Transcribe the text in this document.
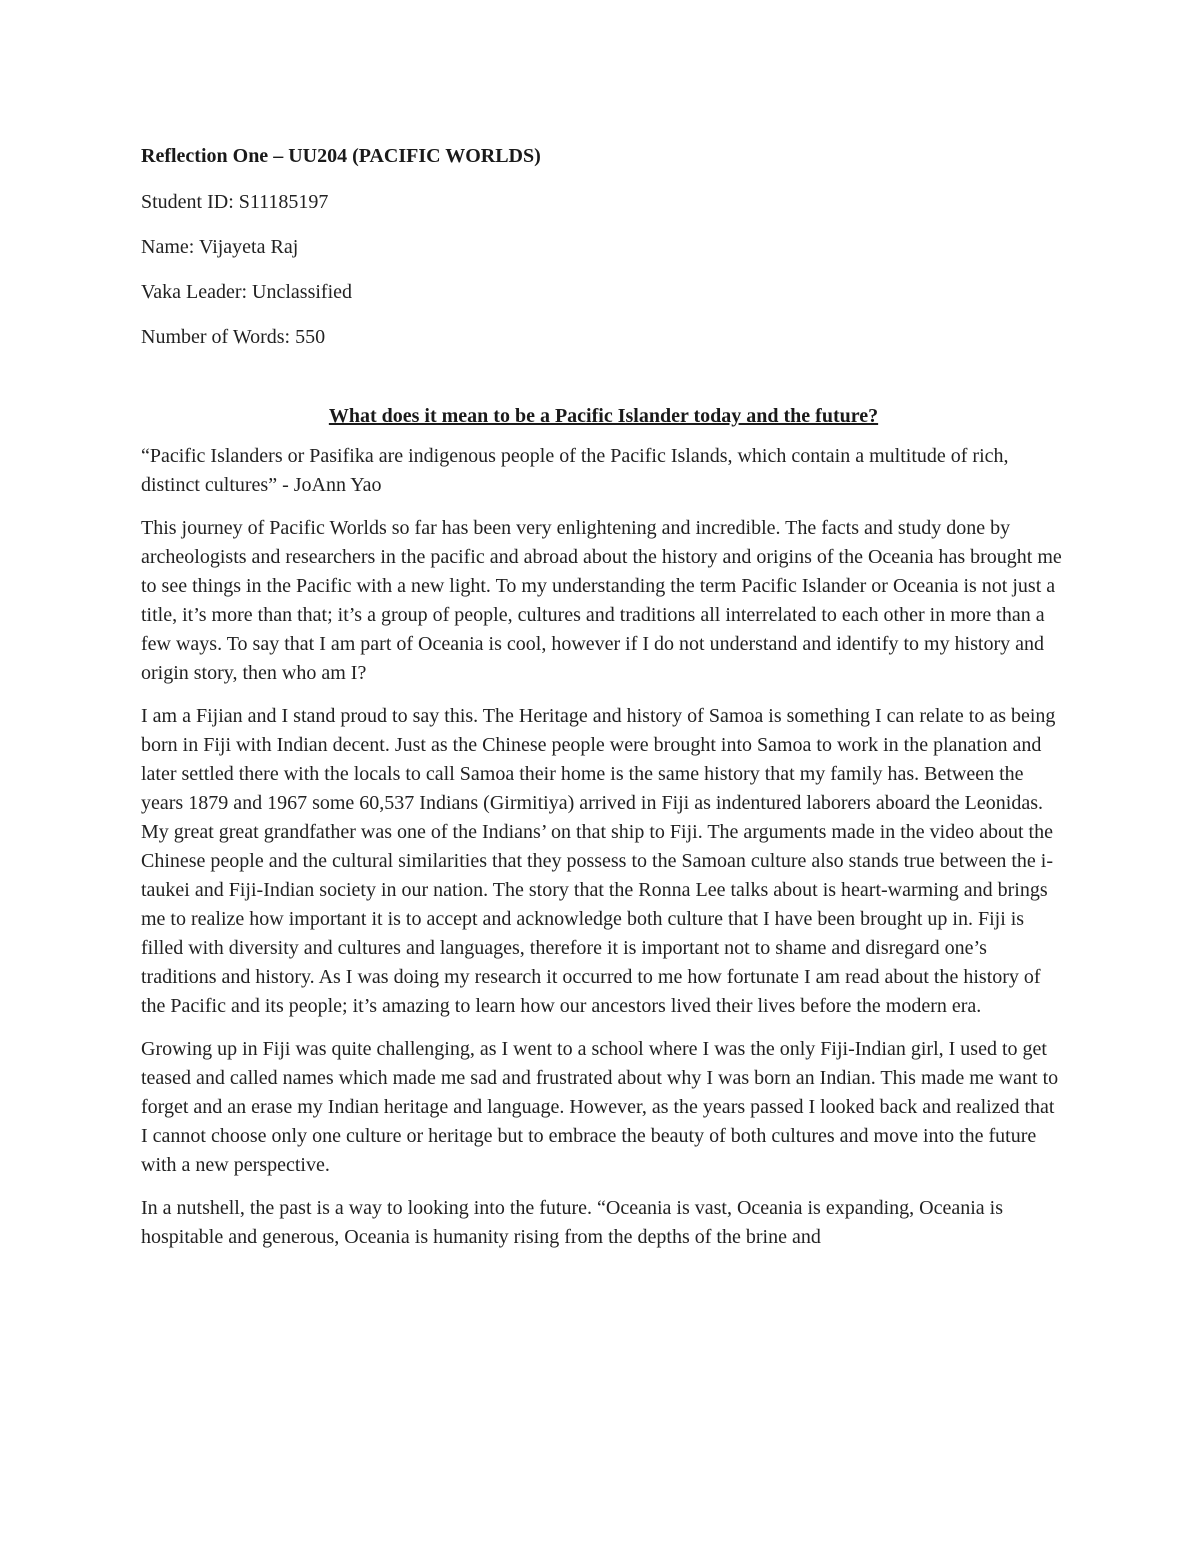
Reflection One – UU204 (PACIFIC WORLDS)

Student ID: S11185197

Name: Vijayeta Raj

Vaka Leader: Unclassified

Number of Words: 550

What does it mean to be a Pacific Islander today and the future?

“Pacific Islanders or Pasifika are indigenous people of the Pacific Islands, which contain a multitude of rich, distinct cultures” - JoAnn Yao

This journey of Pacific Worlds so far has been very enlightening and incredible. The facts and study done by archeologists and researchers in the pacific and abroad about the history and origins of the Oceania has brought me to see things in the Pacific with a new light. To my understanding the term Pacific Islander or Oceania is not just a title, it’s more than that; it’s a group of people, cultures and traditions all interrelated to each other in more than a few ways. To say that I am part of Oceania is cool, however if I do not understand and identify to my history and origin story, then who am I?

I am a Fijian and I stand proud to say this. The Heritage and history of Samoa is something I can relate to as being born in Fiji with Indian decent. Just as the Chinese people were brought into Samoa to work in the planation and later settled there with the locals to call Samoa their home is the same history that my family has. Between the years 1879 and 1967 some 60,537 Indians (Girmitiya) arrived in Fiji as indentured laborers aboard the Leonidas. My great great grandfather was one of the Indians’ on that ship to Fiji. The arguments made in the video about the Chinese people and the cultural similarities that they possess to the Samoan culture also stands true between the i-taukei and Fiji-Indian society in our nation. The story that the Ronna Lee talks about is heart-warming and brings me to realize how important it is to accept and acknowledge both culture that I have been brought up in. Fiji is filled with diversity and cultures and languages, therefore it is important not to shame and disregard one’s traditions and history. As I was doing my research it occurred to me how fortunate I am read about the history of the Pacific and its people; it’s amazing to learn how our ancestors lived their lives before the modern era.

Growing up in Fiji was quite challenging, as I went to a school where I was the only Fiji-Indian girl, I used to get teased and called names which made me sad and frustrated about why I was born an Indian. This made me want to forget and an erase my Indian heritage and language. However, as the years passed I looked back and realized that I cannot choose only one culture or heritage but to embrace the beauty of both cultures and move into the future with a new perspective.

In a nutshell, the past is a way to looking into the future. “Oceania is vast, Oceania is expanding, Oceania is hospitable and generous, Oceania is humanity rising from the depths of the brine and
